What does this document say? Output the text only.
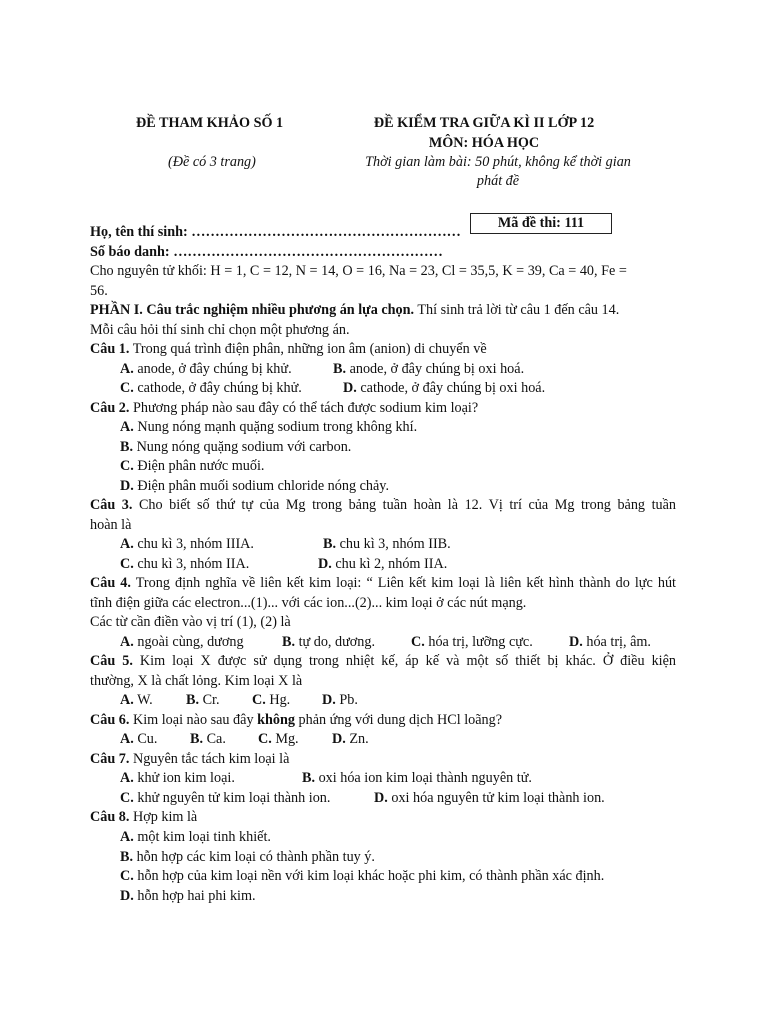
ĐỀ THAM KHẢO SỐ 1
(Đề có 3 trang)
ĐỀ KIỂM TRA GIỮA KÌ II LỚP 12
MÔN: HÓA HỌC
Thời gian làm bài: 50 phút, không kể thời gian
phát đề
Họ, tên thí sinh: …………………………………………………
Mã đề thi: 111
Số báo danh: …………………………………………………
Cho nguyên tử khối: H = 1, C = 12, N = 14, O = 16, Na = 23, Cl = 35,5, K = 39, Ca = 40, Fe =
56.
PHẦN I. Câu trắc nghiệm nhiều phương án lựa chọn. Thí sinh trả lời từ câu 1 đến câu 14.
Mỗi câu hỏi thí sinh chỉ chọn một phương án.
Câu 1. Trong quá trình điện phân, những ion âm (anion) di chuyển về
A. anode, ở đây chúng bị khử.	B. anode, ở đây chúng bị oxi hoá.
C. cathode, ở đây chúng bị khử.	D. cathode, ở đây chúng bị oxi hoá.
Câu 2. Phương pháp nào sau đây có thể tách được sodium kim loại?
A. Nung nóng mạnh quặng sodium trong không khí.
B. Nung nóng quặng sodium với carbon.
C. Điện phân nước muối.
D. Điện phân muối sodium chloride nóng chảy.
Câu 3. Cho biết số thứ tự của Mg trong bảng tuần hoàn là 12. Vị trí của Mg trong bảng tuần
hoàn là
A. chu kì 3, nhóm IIIA.	B. chu kì 3, nhóm IIB.
C. chu kì 3, nhóm IIA.	D. chu kì 2, nhóm IIA.
Câu 4. Trong định nghĩa về liên kết kim loại: “ Liên kết kim loại là liên kết hình thành do lực hút
tĩnh điện giữa các electron...(1)... với các ion...(2)... kim loại ở các nút mạng.
Các từ cần điền vào vị trí (1), (2) là
A. ngoài cùng, dương	B. tự do, dương.	C. hóa trị, lưỡng cực.	D. hóa trị, âm.
Câu 5. Kim loại X được sử dụng trong nhiệt kế, áp kế và một số thiết bị khác. Ở điều kiện
thường, X là chất lỏng. Kim loại X là
A. W. B. Cr. C. Hg. D. Pb.
Câu 6. Kim loại nào sau đây không phản ứng với dung dịch HCl loãng?
A. Cu. B. Ca. C. Mg. D. Zn.
Câu 7. Nguyên tắc tách kim loại là
A. khử ion kim loại.	B. oxi hóa ion kim loại thành nguyên tử.
C. khử nguyên tử kim loại thành ion.	D. oxi hóa nguyên tử kim loại thành ion.
Câu 8. Hợp kim là
A. một kim loại tinh khiết.
B. hỗn hợp các kim loại có thành phần tuy ý.
C. hỗn hợp của kim loại nền với kim loại khác hoặc phi kim, có thành phần xác định.
D. hỗn hợp hai phi kim.
